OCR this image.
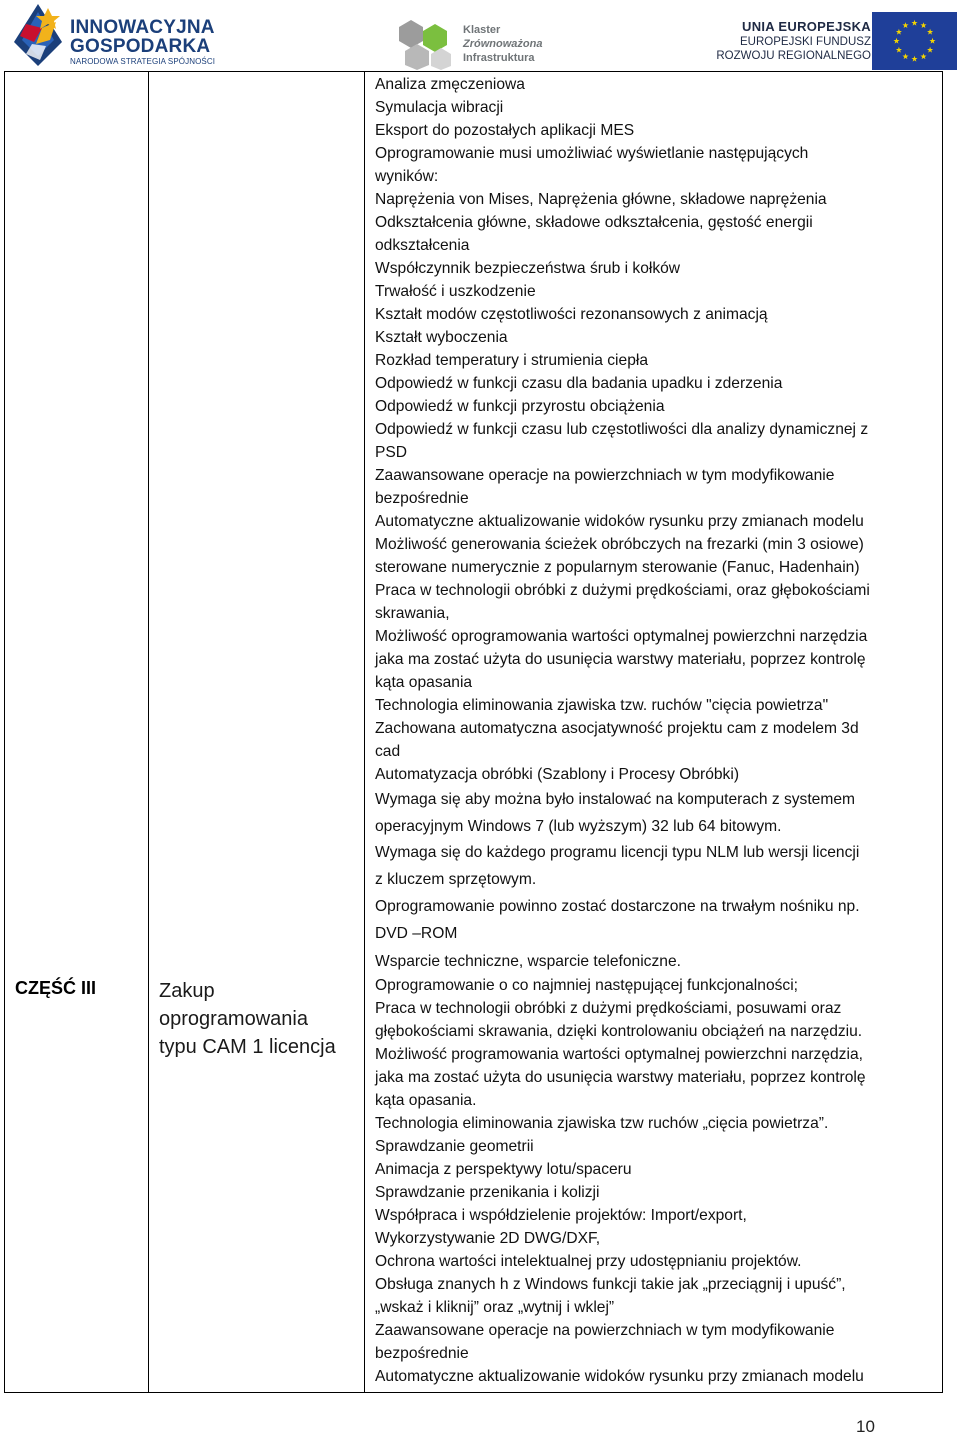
INNOWACYJNA
GOSPODARKA
NARODOWA STRATEGIA SPÓJNOŚCI
Klaster
Zrównoważona
Infrastruktura
UNIA EUROPEJSKA
EUROPEJSKI FUNDUSZ
ROZWOJU REGIONALNEGO
CZĘŚĆ III	Zakup
oprogramowania
typu CAM 1 licencja
Analiza zmęczeniowa
Symulacja wibracji
Eksport do pozostałych aplikacji MES
Oprogramowanie musi umożliwiać wyświetlanie następujących
wyników:
Naprężenia von Mises, Naprężenia główne, składowe naprężenia
Odkształcenia główne, składowe odkształcenia, gęstość energii
odkształcenia
Współczynnik bezpieczeństwa śrub i kołków
Trwałość i uszkodzenie
Kształt modów częstotliwości rezonansowych z animacją
Kształt wyboczenia
Rozkład temperatury i strumienia ciepła
Odpowiedź w funkcji czasu dla badania upadku i zderzenia
Odpowiedź w funkcji przyrostu obciążenia
Odpowiedź w funkcji czasu lub częstotliwości dla analizy dynamicznej z
PSD
Zaawansowane operacje na powierzchniach w tym modyfikowanie
bezpośrednie
Automatyczne aktualizowanie widoków rysunku przy zmianach modelu
Możliwość generowania ścieżek obróbczych na frezarki (min 3 osiowe)
sterowane numerycznie z popularnym sterowanie (Fanuc, Hadenhain)
Praca w technologii obróbki z dużymi prędkościami, oraz głębokościami
skrawania,
Możliwość oprogramowania wartości optymalnej powierzchni narzędzia
jaka ma zostać użyta do usunięcia warstwy materiału, poprzez kontrolę
kąta opasania
Technologia eliminowania zjawiska tzw. ruchów "cięcia powietrza"
Zachowana automatyczna asocjatywność projektu cam z modelem 3d
cad
Automatyzacja obróbki (Szablony i Procesy Obróbki)
Wymaga się aby można było instalować na komputerach z systemem
operacyjnym Windows 7 (lub wyższym) 32 lub 64 bitowym.
Wymaga się do każdego programu licencji typu NLM lub wersji licencji
z kluczem sprzętowym.
Oprogramowanie powinno zostać dostarczone na trwałym nośniku np.
DVD –ROM
Wsparcie techniczne, wsparcie telefoniczne.
Oprogramowanie o co najmniej następującej funkcjonalności;
Praca w technologii obróbki z dużymi prędkościami, posuwami oraz
głębokościami skrawania, dzięki kontrolowaniu obciążeń na narzędziu.
Możliwość programowania wartości optymalnej powierzchni narzędzia,
jaka ma zostać użyta do usunięcia warstwy materiału, poprzez kontrolę
kąta opasania.
Technologia eliminowania zjawiska tzw ruchów „cięcia powietrza”.
Sprawdzanie geometrii
Animacja z perspektywy lotu/spaceru
Sprawdzanie przenikania i kolizji
Współpraca i współdzielenie projektów: Import/export,
Wykorzystywanie 2D DWG/DXF,
Ochrona wartości intelektualnej przy udostępnianiu projektów.
Obsługa znanych h z Windows funkcji takie jak „przeciągnij i upuść”,
„wskaż i kliknij” oraz „wytnij i wklej”
Zaawansowane operacje na powierzchniach w tym modyfikowanie
bezpośrednie
Automatyczne aktualizowanie widoków rysunku przy zmianach modelu
10
